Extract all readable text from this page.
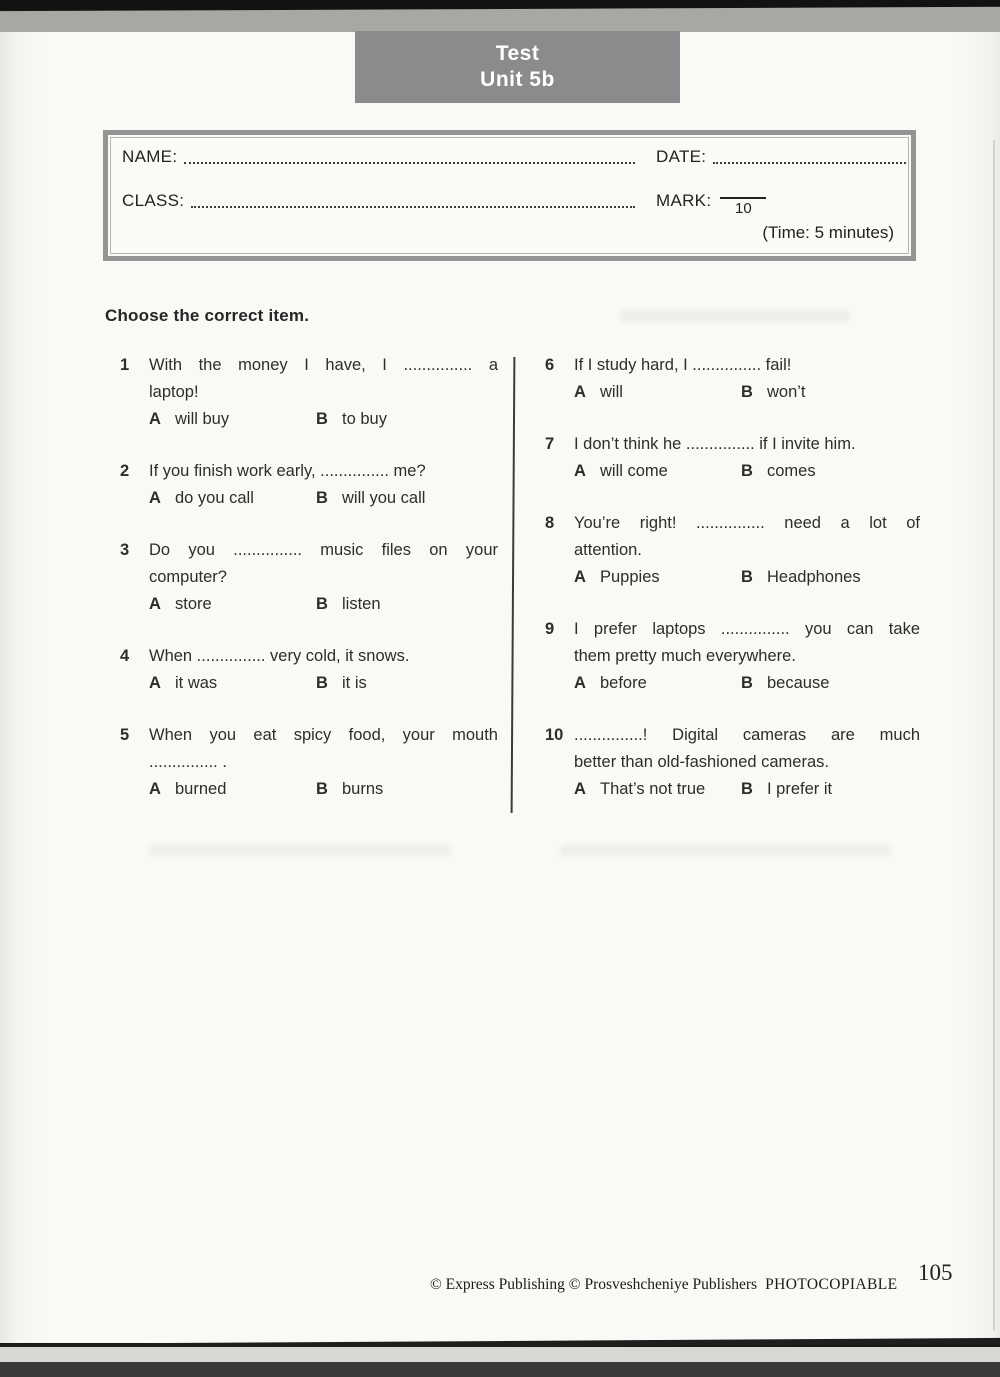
Test
Unit 5b
NAME:	DATE:
CLASS:	MARK:	10
(Time: 5 minutes)
Choose the correct item.
1	With the money I have, I ............... a
laptop!
A will buy	B to buy
2	If you finish work early, ............... me?
A do you call	B will you call
3	Do you ............... music files on your
computer?
A store	B listen
4	When ............... very cold, it snows.
A it was	B it is
5	When you eat spicy food, your mouth
............... .
A burned	B burns
6	If I study hard, I ............... fail!
A will	B won’t
7	I don’t think he ............... if I invite him.
A will come	B comes
8	You’re right! ............... need a lot of
attention.
A Puppies	B Headphones
9	I prefer laptops ............... you can take
them pretty much everywhere.
A before	B because
10 ...............! Digital cameras are much
better than old-fashioned cameras.
A That’s not true B I prefer it
© Express Publishing © Prosveshcheniye Publishers PHOTOCOPIABLE 105
